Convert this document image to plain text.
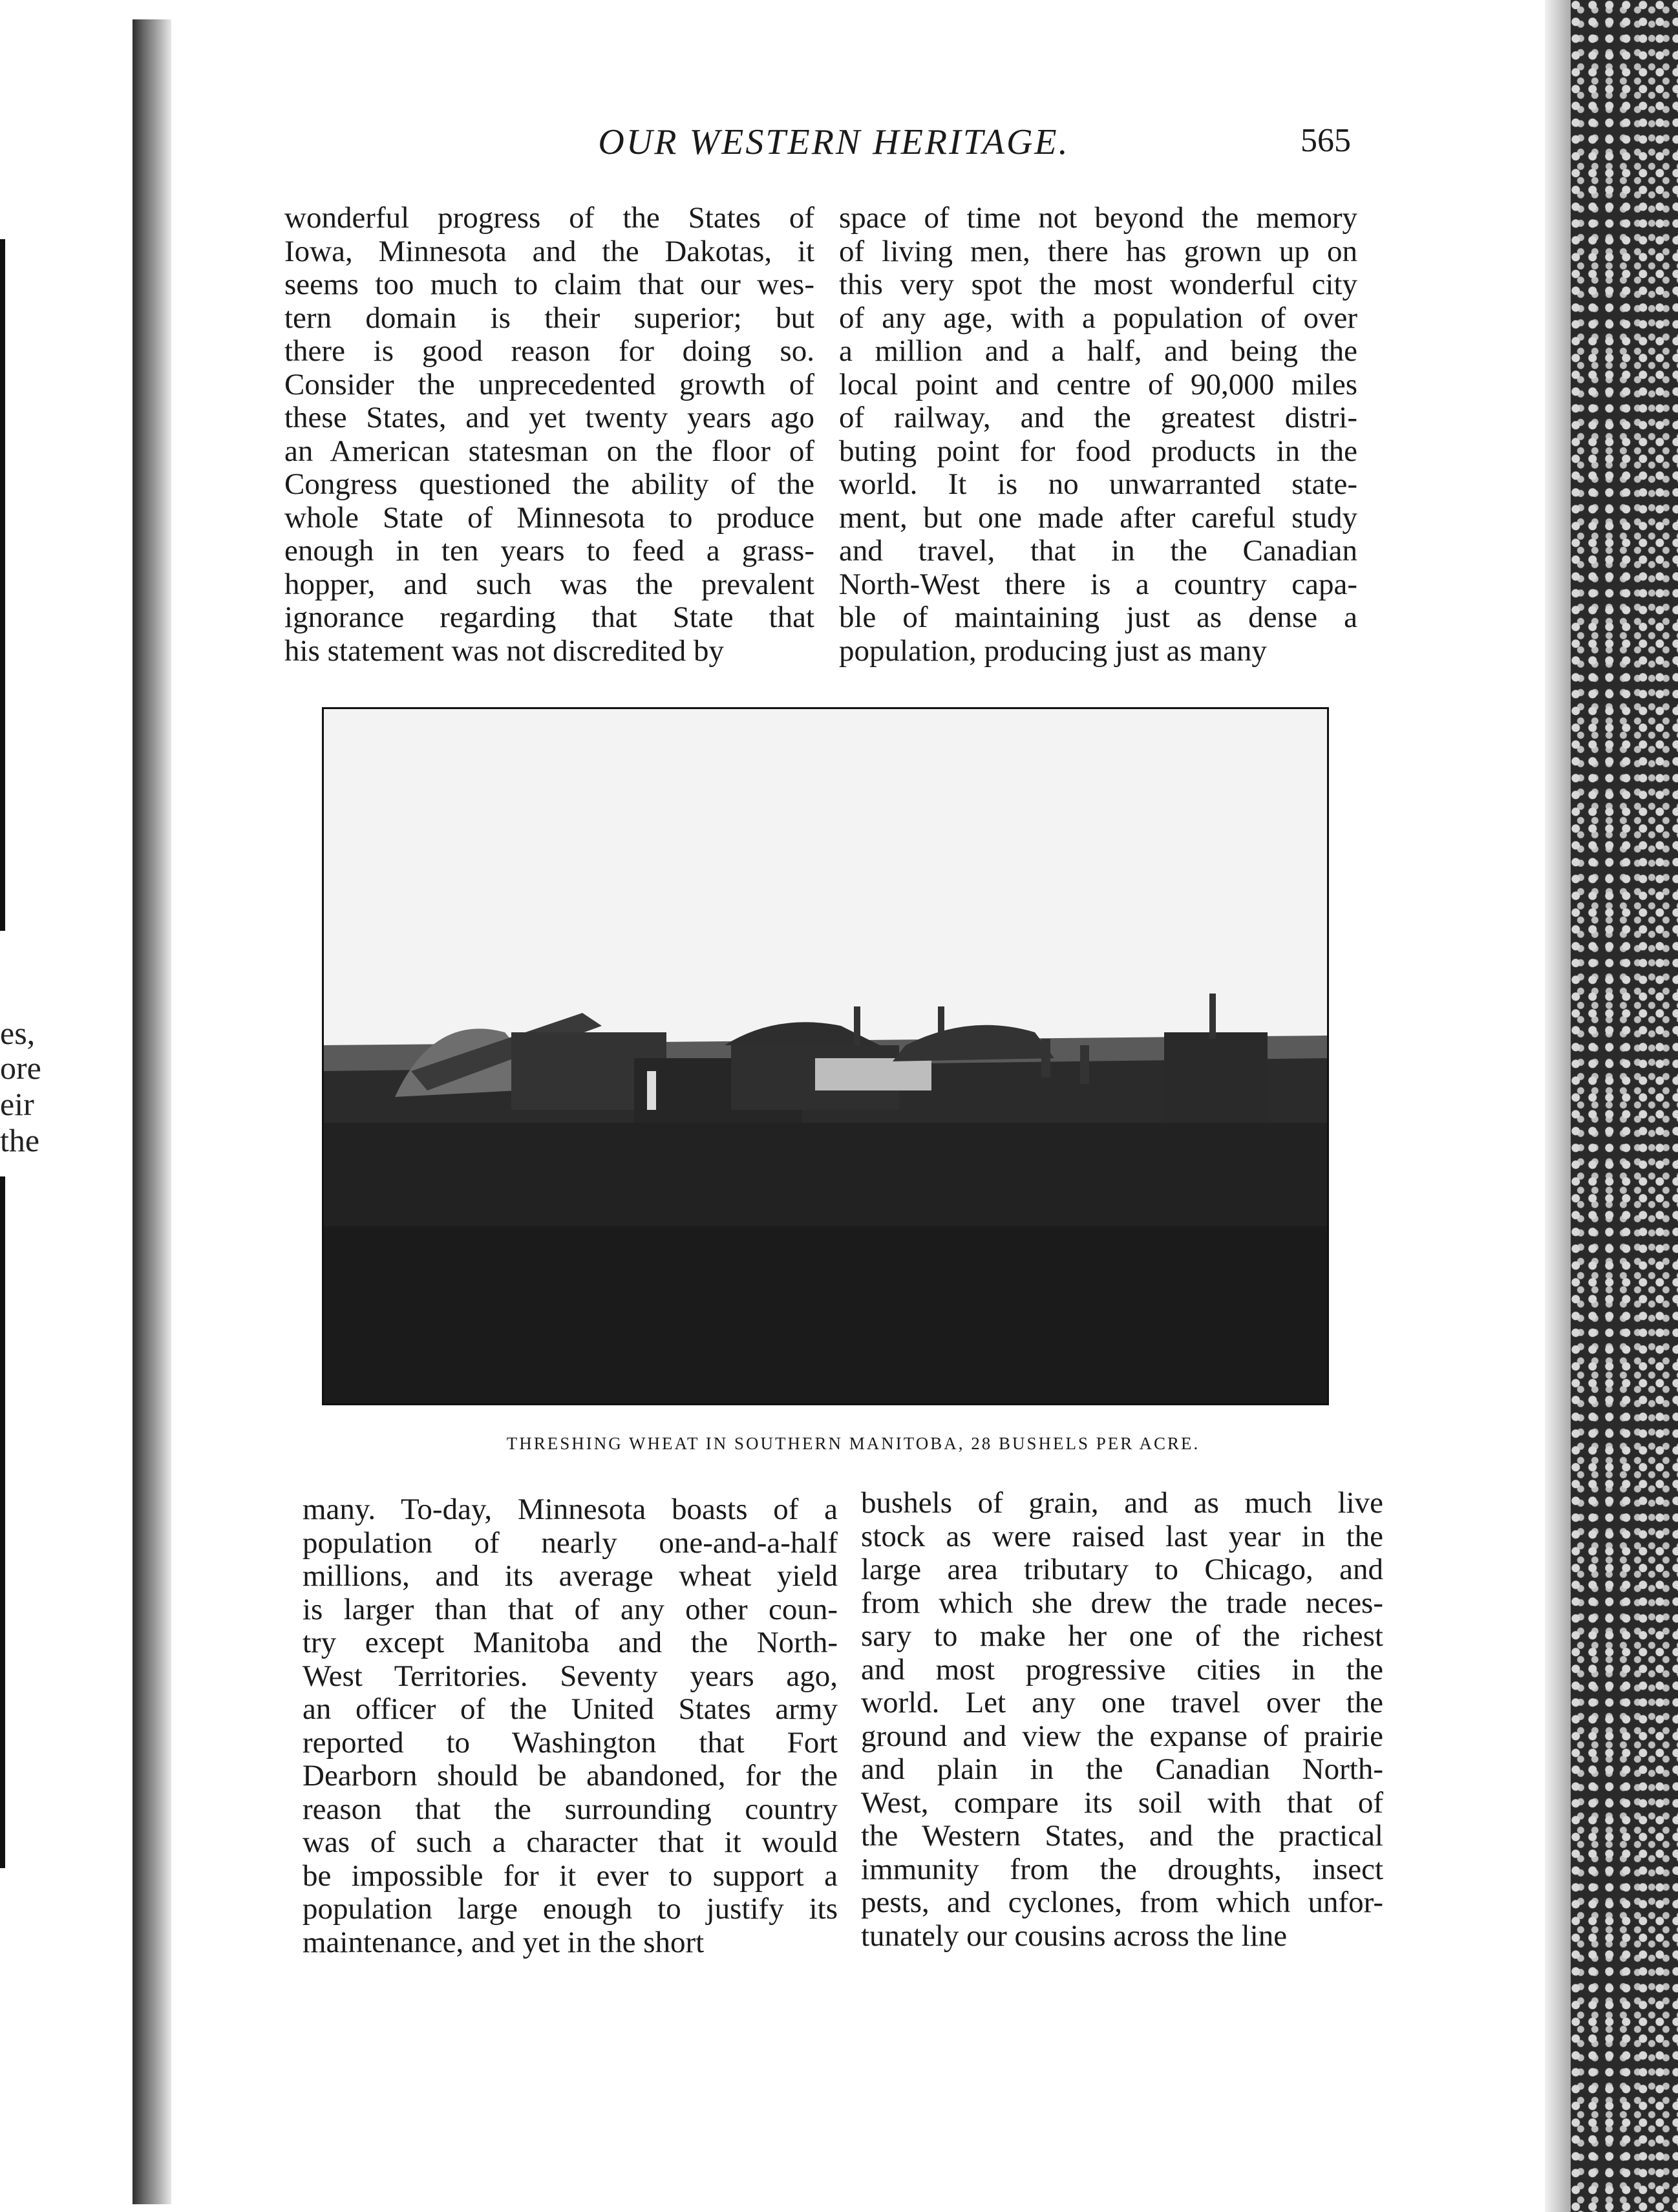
es,
ore
eir
the
OUR WESTERN HERITAGE.	565
wonderful progress of the States of
Iowa, Minnesota and the Dakotas, it
seems too much to claim that our wes-
tern domain is their superior; but
there is good reason for doing so.
Consider the unprecedented growth of
these States, and yet twenty years ago
an American statesman on the floor of
Congress questioned the ability of the
whole State of Minnesota to produce
enough in ten years to feed a grass-
hopper, and such was the prevalent
ignorance regarding that State that
his statement was not discredited by
space of time not beyond the memory
of living men, there has grown up on
this very spot the most wonderful city
of any age, with a population of over
a million and a half, and being the
local point and centre of 90,000 miles
of railway, and the greatest distri-
buting point for food products in the
world. It is no unwarranted state-
ment, but one made after careful study
and travel, that in the Canadian
North-West there is a country capa-
ble of maintaining just as dense a
population, producing just as many
THRESHING WHEAT IN SOUTHERN MANITOBA, 28 BUSHELS PER ACRE.
many. To-day, Minnesota boasts of a
population of nearly one-and-a-half
millions, and its average wheat yield
is larger than that of any other coun-
try except Manitoba and the North-
West Territories. Seventy years ago,
an officer of the United States army
reported to Washington that Fort
Dearborn should be abandoned, for the
reason that the surrounding country
was of such a character that it would
be impossible for it ever to support a
population large enough to justify its
maintenance, and yet in the short
bushels of grain, and as much live
stock as were raised last year in the
large area tributary to Chicago, and
from which she drew the trade neces-
sary to make her one of the richest
and most progressive cities in the
world. Let any one travel over the
ground and view the expanse of prairie
and plain in the Canadian North-
West, compare its soil with that of
the Western States, and the practical
immunity from the droughts, insect
pests, and cyclones, from which unfor-
tunately our cousins across the line
